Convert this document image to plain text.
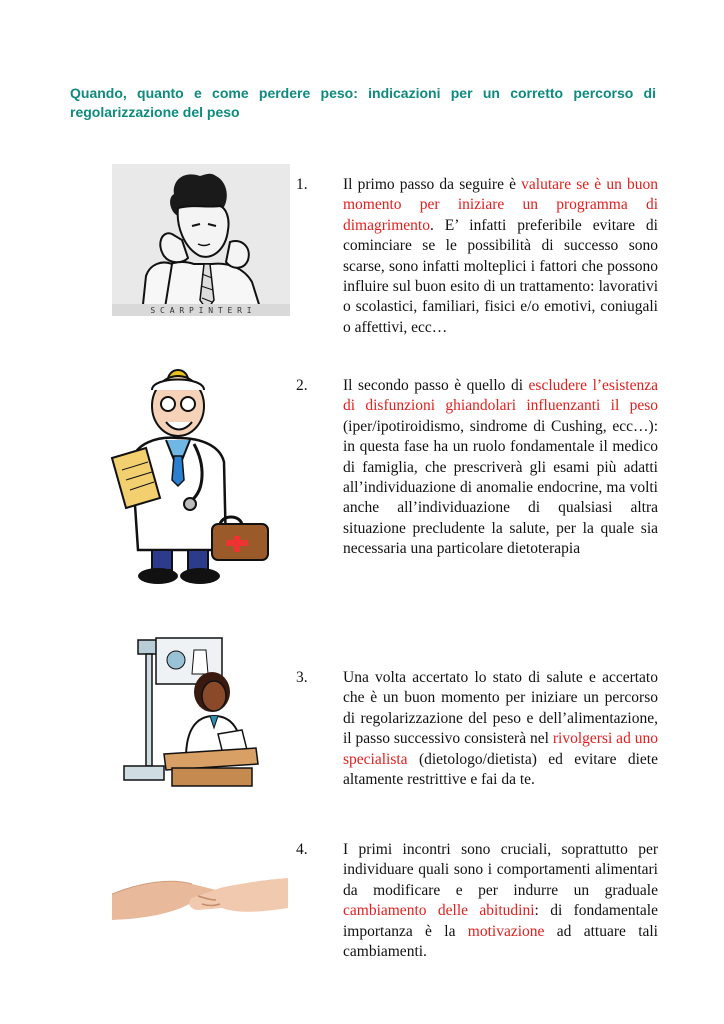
Quando, quanto e come perdere peso: indicazioni per un corretto percorso di regolarizzazione del peso
S C A R P I N T E R I
1. Il primo passo da seguire è valutare se è un buon momento per iniziare un programma di dimagrimento. E’ infatti preferibile evitare di cominciare se le possibilità di successo sono scarse, sono infatti molteplici i fattori che possono influire sul buon esito di un trattamento: lavorativi o scolastici, familiari, fisici e/o emotivi, coniugali o affettivi, ecc…
2. Il secondo passo è quello di escludere l’esistenza di disfunzioni ghiandolari influenzanti il peso (iper/ipotiroidismo, sindrome di Cushing, ecc…): in questa fase ha un ruolo fondamentale il medico di famiglia, che prescriverà gli esami più adatti all’individuazione di anomalie endocrine, ma volti anche all’individuazione di qualsiasi altra situazione precludente la salute, per la quale sia necessaria una particolare dietoterapia
3. Una volta accertato lo stato di salute e accertato che è un buon momento per iniziare un percorso di regolarizzazione del peso e dell’alimentazione, il passo successivo consisterà nel rivolgersi ad uno specialista (dietologo/dietista) ed evitare diete altamente restrittive e fai da te.
4. I primi incontri sono cruciali, soprattutto per individuare quali sono i comportamenti alimentari da modificare e per indurre un graduale cambiamento delle abitudini: di fondamentale importanza è la motivazione ad attuare tali cambiamenti.
